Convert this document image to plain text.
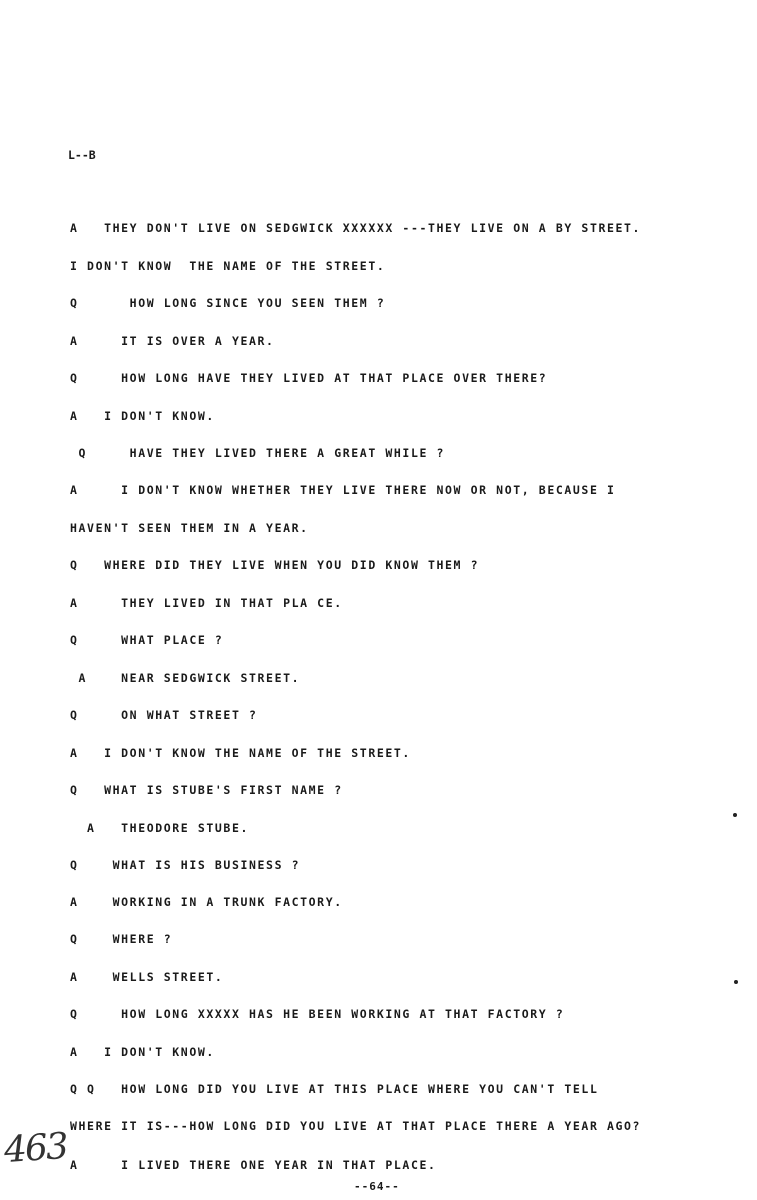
L--B
A   THEY DON'T LIVE ON SEDGWICK XXXXXX ---THEY LIVE ON A BY STREET.
I DON'T KNOW  THE NAME OF THE STREET.
Q      HOW LONG SINCE YOU SEEN THEM ?
A     IT IS OVER A YEAR.
Q     HOW LONG HAVE THEY LIVED AT THAT PLACE OVER THERE?
A   I DON'T KNOW.
Q     HAVE THEY LIVED THERE A GREAT WHILE ?
A     I DON'T KNOW WHETHER THEY LIVE THERE NOW OR NOT, BECAUSE I
HAVEN'T SEEN THEM IN A YEAR.
Q   WHERE DID THEY LIVE WHEN YOU DID KNOW THEM ?
A     THEY LIVED IN THAT PLA CE.
Q     WHAT PLACE ?
A    NEAR SEDGWICK STREET.
Q     ON WHAT STREET ?
A   I DON'T KNOW THE NAME OF THE STREET.
Q   WHAT IS STUBE'S FIRST NAME ?
A   THEODORE STUBE.
Q    WHAT IS HIS BUSINESS ?
A    WORKING IN A TRUNK FACTORY.
Q    WHERE ?
A    WELLS STREET.
Q     HOW LONG XXXXX HAS HE BEEN WORKING AT THAT FACTORY ?
A   I DON'T KNOW.
Q Q   HOW LONG DID YOU LIVE AT THIS PLACE WHERE YOU CAN'T TELL
WHERE IT IS---HOW LONG DID YOU LIVE AT THAT PLACE THERE A YEAR AGO?
A     I LIVED THERE ONE YEAR IN THAT PLACE.
463
--64--
